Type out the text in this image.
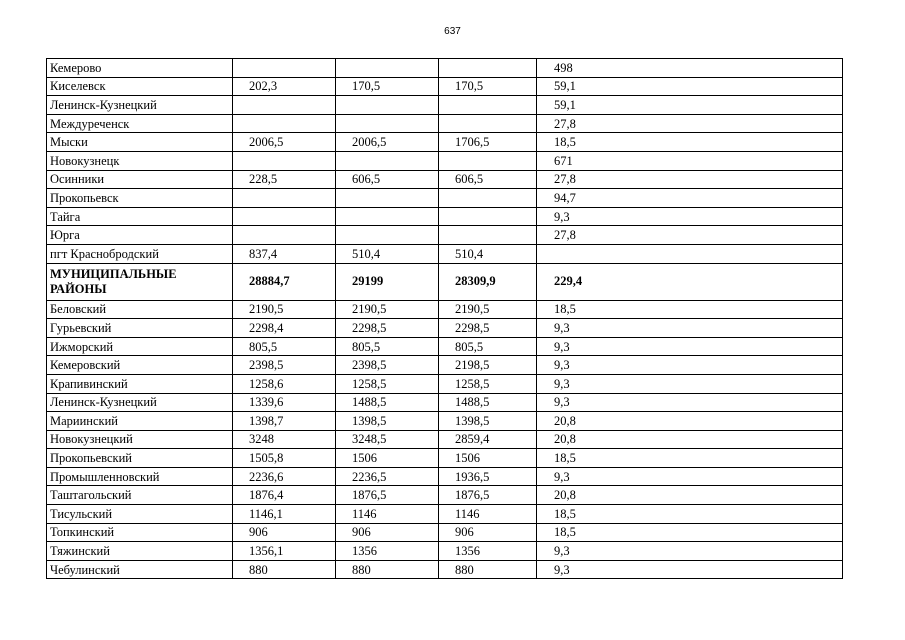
637
Кемерово				498
Киселевск	202,3	170,5	170,5	59,1
Ленинск-Кузнецкий				59,1
Междуреченск				27,8
Мыски	2006,5	2006,5	1706,5	18,5
Новокузнецк				671
Осинники	228,5	606,5	606,5	27,8
Прокопьевск				94,7
Тайга				9,3
Юрга				27,8
пгт Краснобродский	837,4	510,4	510,4	
МУНИЦИПАЛЬНЫЕ РАЙОНЫ	28884,7	29199	28309,9	229,4
Беловский	2190,5	2190,5	2190,5	18,5
Гурьевский	2298,4	2298,5	2298,5	9,3
Ижморский	805,5	805,5	805,5	9,3
Кемеровский	2398,5	2398,5	2198,5	9,3
Крапивинский	1258,6	1258,5	1258,5	9,3
Ленинск-Кузнецкий	1339,6	1488,5	1488,5	9,3
Мариинский	1398,7	1398,5	1398,5	20,8
Новокузнецкий	3248	3248,5	2859,4	20,8
Прокопьевский	1505,8	1506	1506	18,5
Промышленновский	2236,6	2236,5	1936,5	9,3
Таштагольский	1876,4	1876,5	1876,5	20,8
Тисульский	1146,1	1146	1146	18,5
Топкинский	906	906	906	18,5
Тяжинский	1356,1	1356	1356	9,3
Чебулинский	880	880	880	9,3
